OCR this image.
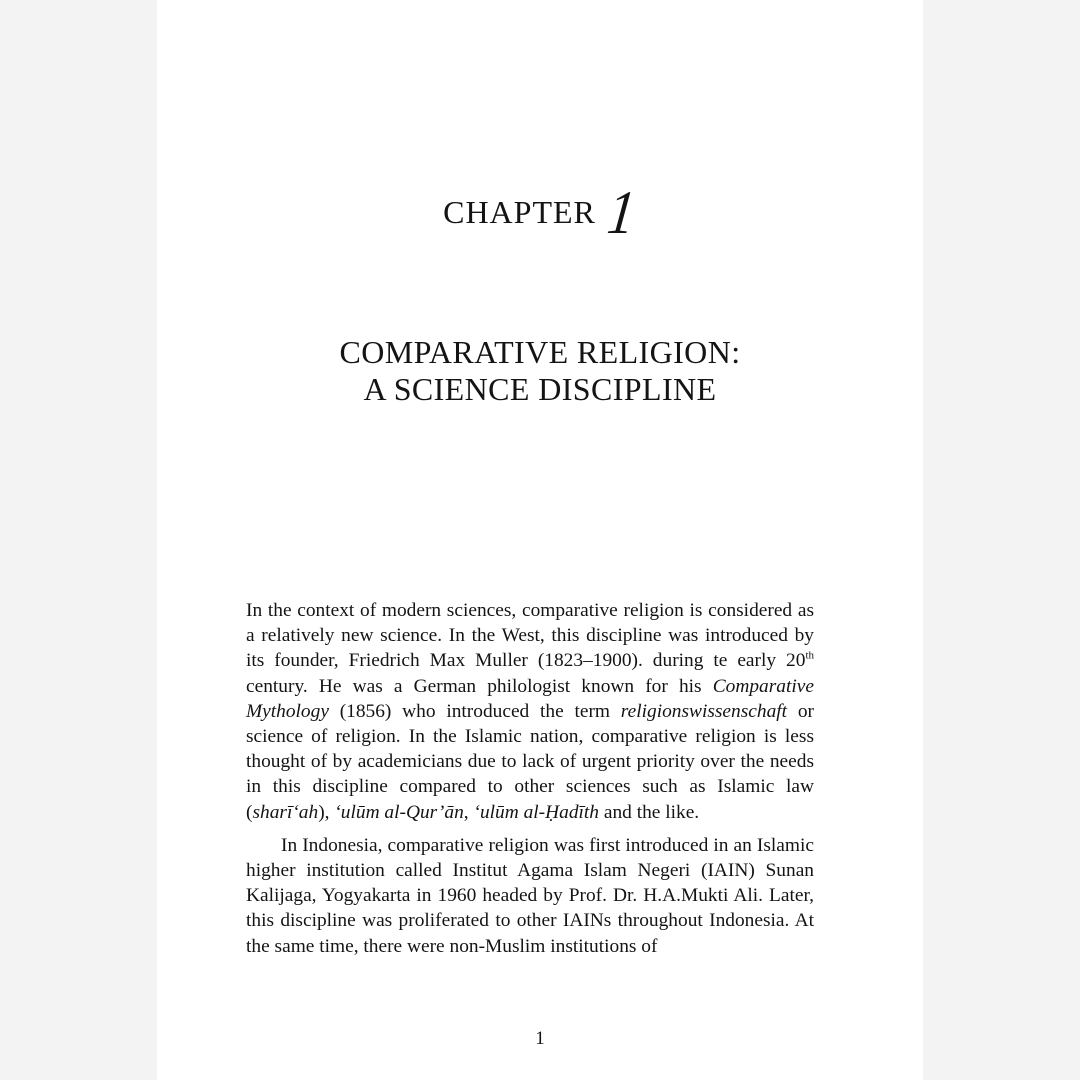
CHAPTER 1
COMPARATIVE RELIGION:
A SCIENCE DISCIPLINE

In the context of modern sciences, comparative religion is considered as a relatively new science. In the West, this discipline was introduced by its founder, Friedrich Max Muller (1823–1900). during te early 20th century. He was a German philologist known for his Comparative Mythology (1856) who introduced the term religionswissenschaft or science of religion. In the Islamic nation, comparative religion is less thought of by academicians due to lack of urgent priority over the needs in this discipline compared to other sciences such as Islamic law (sharī‘ah), ‘ulūm al-Qur’ān, ‘ulūm al-Ḥadīth and the like.

In Indonesia, comparative religion was first introduced in an Islamic higher institution called Institut Agama Islam Negeri (IAIN) Sunan Kalijaga, Yogyakarta in 1960 headed by Prof. Dr. H.A.Mukti Ali. Later, this discipline was proliferated to other IAINs throughout Indonesia. At the same time, there were non-Muslim institutions of

1
